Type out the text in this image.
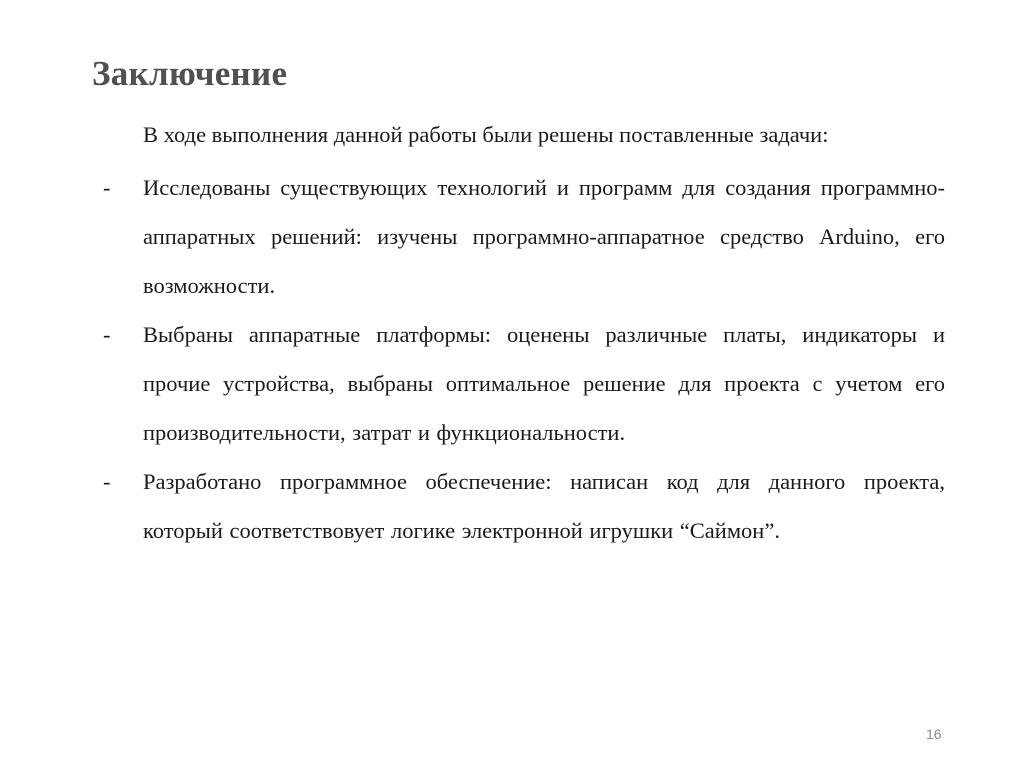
Заключение
В ходе выполнения данной работы были решены поставленные задачи:
- Исследованы существующих технологий и программ для создания программно-аппаратных решений: изучены программно-аппаратное средство Arduino, его возможности.
- Выбраны аппаратные платформы: оценены различные платы, индикаторы и прочие устройства, выбраны оптимальное решение для проекта с учетом его производительности, затрат и функциональности.
- Разработано программное обеспечение: написан код для данного проекта, который соответствовует логике электронной игрушки “Саймон”.
16
